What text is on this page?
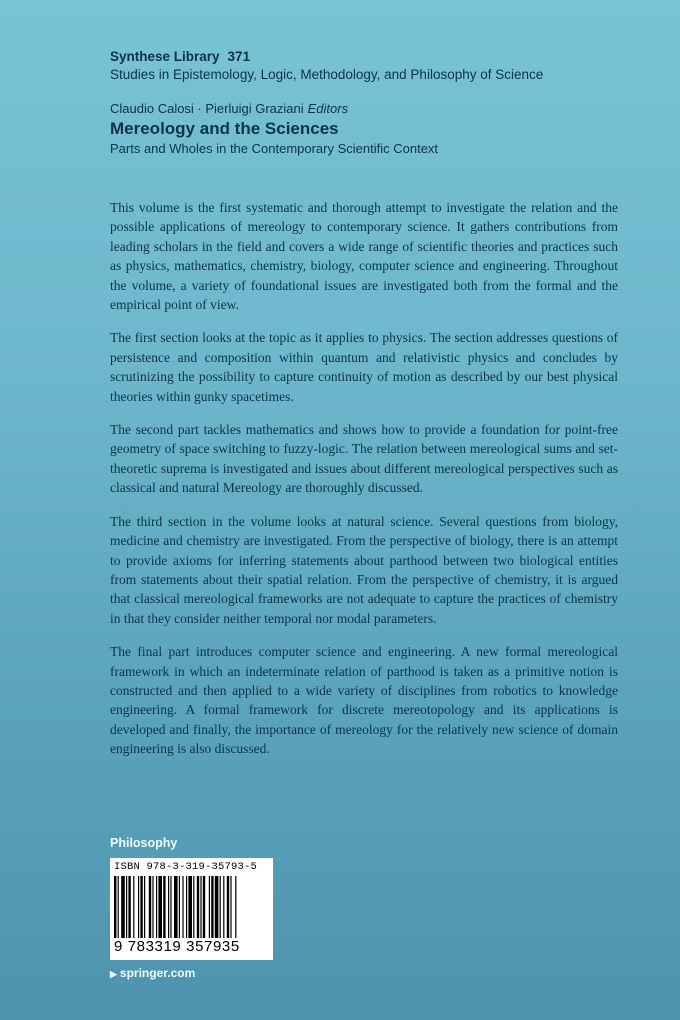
Synthese Library 371
Studies in Epistemology, Logic, Methodology, and Philosophy of Science
Claudio Calosi · Pierluigi Graziani Editors
Mereology and the Sciences
Parts and Wholes in the Contemporary Scientific Context

This volume is the first systematic and thorough attempt to investigate the relation and the possible applications of mereology to contemporary science. It gathers contributions from leading scholars in the field and covers a wide range of scientific theories and practices such as physics, mathematics, chemistry, biology, computer science and engineering. Throughout the volume, a variety of foundational issues are investigated both from the formal and the empirical point of view.

The first section looks at the topic as it applies to physics. The section addresses questions of persistence and composition within quantum and relativistic physics and concludes by scrutinizing the possibility to capture continuity of motion as described by our best physical theories within gunky spacetimes.

The second part tackles mathematics and shows how to provide a foundation for point-free geometry of space switching to fuzzy-logic. The relation between mereological sums and set-theoretic suprema is investigated and issues about different mereological perspectives such as classical and natural Mereology are thoroughly discussed.

The third section in the volume looks at natural science. Several questions from biology, medicine and chemistry are investigated. From the perspective of biology, there is an attempt to provide axioms for inferring statements about parthood between two biological entities from statements about their spatial relation. From the perspective of chemistry, it is argued that classical mereological frameworks are not adequate to capture the practices of chemistry in that they consider neither temporal nor modal parameters.

The final part introduces computer science and engineering. A new formal mereological framework in which an indeterminate relation of parthood is taken as a primitive notion is constructed and then applied to a wide variety of disciplines from robotics to knowledge engineering. A formal framework for discrete mereotopology and its applications is developed and finally, the importance of mereology for the relatively new science of domain engineering is also discussed.

Philosophy
ISBN 978-3-319-35793-5
9 783319 357935
▶ springer.com
